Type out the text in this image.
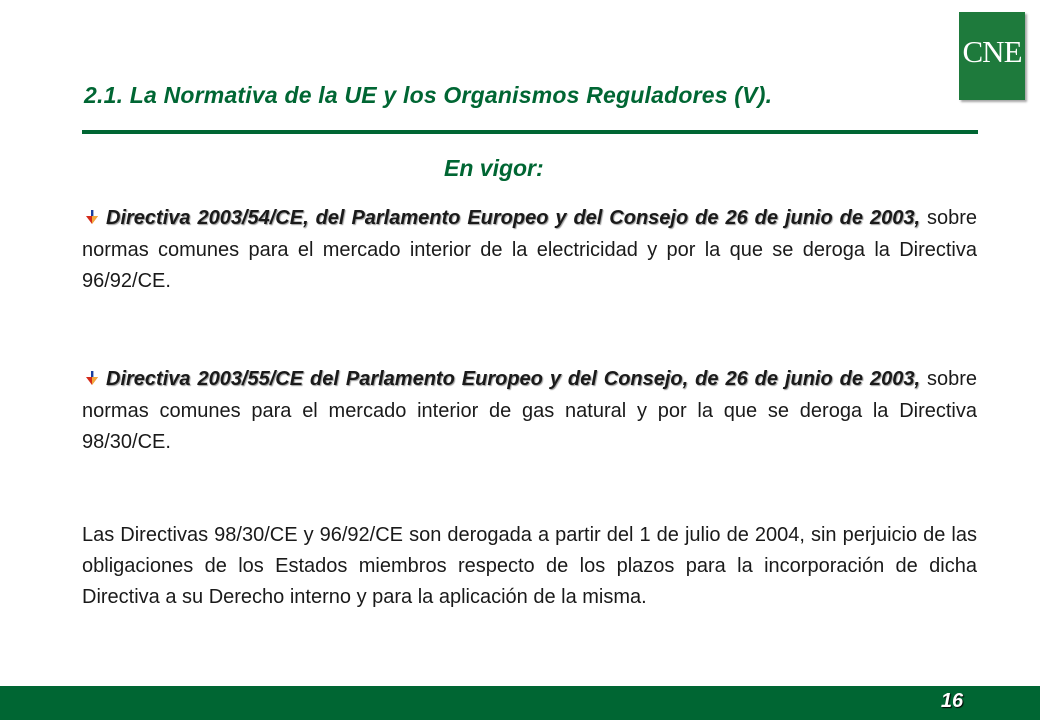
CNE
2.1. La Normativa de la UE y los Organismos Reguladores (V).
En vigor:

Directiva 2003/54/CE, del Parlamento Europeo y del Consejo de 26 de junio de 2003, sobre normas comunes para el mercado interior de la electricidad y por la que se deroga la Directiva 96/92/CE.

Directiva 2003/55/CE del Parlamento Europeo y del Consejo, de 26 de junio de 2003, sobre normas comunes para el mercado interior de gas natural y por la que se deroga la Directiva 98/30/CE.

Las Directivas 98/30/CE y 96/92/CE son derogada a partir del 1 de julio de 2004, sin perjuicio de las obligaciones de los Estados miembros respecto de los plazos para la incorporación de dicha Directiva a su Derecho interno y para la aplicación de la misma.

16
